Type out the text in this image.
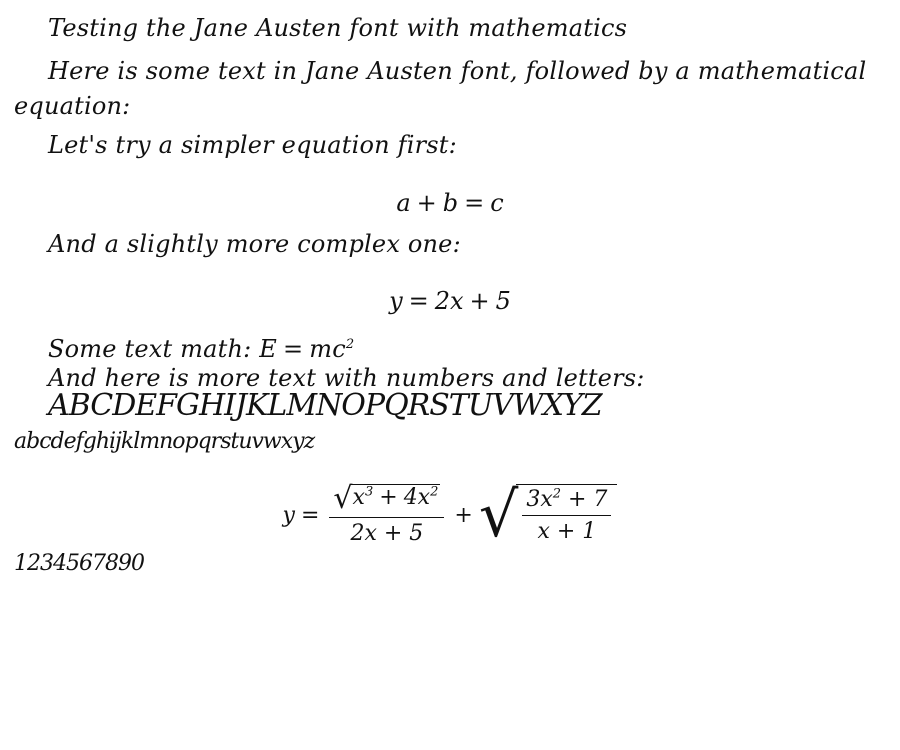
Testing the Jane Austen font with mathematics
Here is some text in Jane Austen font, followed by a mathematical
equation:
Let's try a simpler equation first:
a + b = c
And a slightly more complex one:
y = 2x + 5
Some text math: $E = mc^2$
And here is more text with numbers and letters:
ABCDEFGHIJKLMNOPQRSTUVWXYZ
abcdefghijklmnopqrstuvwxyz
$y = \frac{√ x^3 + 4x^2}{2x + 5}$ + √ $\frac{3x^2 + 7}{x + 1}$
1234567890
